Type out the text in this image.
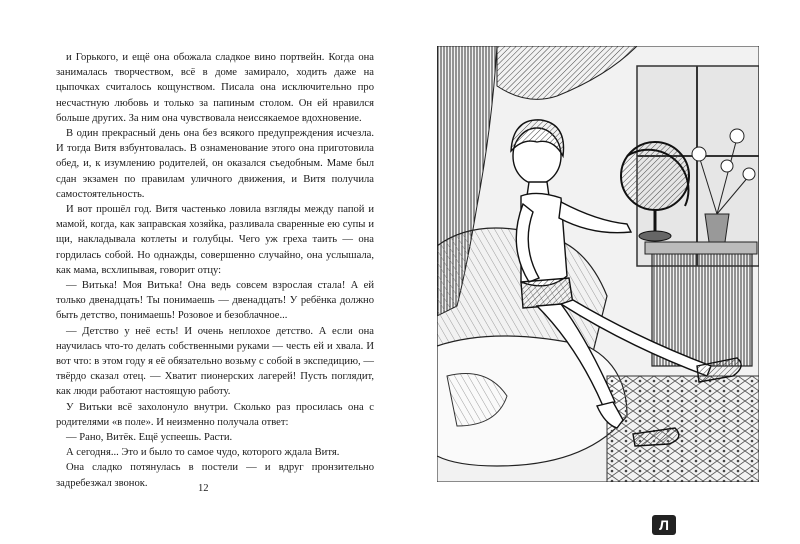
и Горького, и ещё она обожала сладкое вино портвейн. Когда она занималась творчеством, всё в доме замирало, ходить даже на цыпочках считалось кощунством. Писала она исключительно про несчастную любовь и только за папиным столом. Он ей нравился больше других. За ним она чувствовала неиссякаемое вдохновение.

В один прекрасный день она без всякого предупреждения исчезла. И тогда Витя взбунтовалась. В ознаменование этого она приготовила обед, и, к изумлению родителей, он оказался съедобным. Маме был сдан экзамен по правилам уличного движения, и Витя получила самостоятельность.

И вот прошёл год. Витя частенько ловила взгляды между папой и мамой, когда, как заправская хозяйка, разливала сваренные ею супы и щи, накладывала котлеты и голубцы. Чего уж греха таить — она гордилась собой. Но однажды, совершенно случайно, она услышала, как мама, всхлипывая, говорит отцу:

— Витька! Моя Витька! Она ведь совсем взрослая стала! А ей только двенадцать! Ты понимаешь — двенадцать! У ребёнка должно быть детство, понимаешь! Розовое и безоблачное...

— Детство у неё есть! И очень неплохое детство. А если она научилась что-то делать собственными руками — честь ей и хвала. И вот что: в этом году я её обязательно возьму с собой в экспедицию, — твёрдо сказал отец. — Хватит пионерских лагерей! Пусть поглядит, как люди работают настоящую работу.

У Витьки всё захолонуло внутри. Сколько раз просилась она с родителями «в поле». И неизменно получала ответ:

— Рано, Витёк. Ещё успеешь. Расти.

А сегодня... Это и было то самое чудо, которого ждала Витя.

Она сладко потянулась в постели — и вдруг пронзительно задребезжал звонок.	12
Л
